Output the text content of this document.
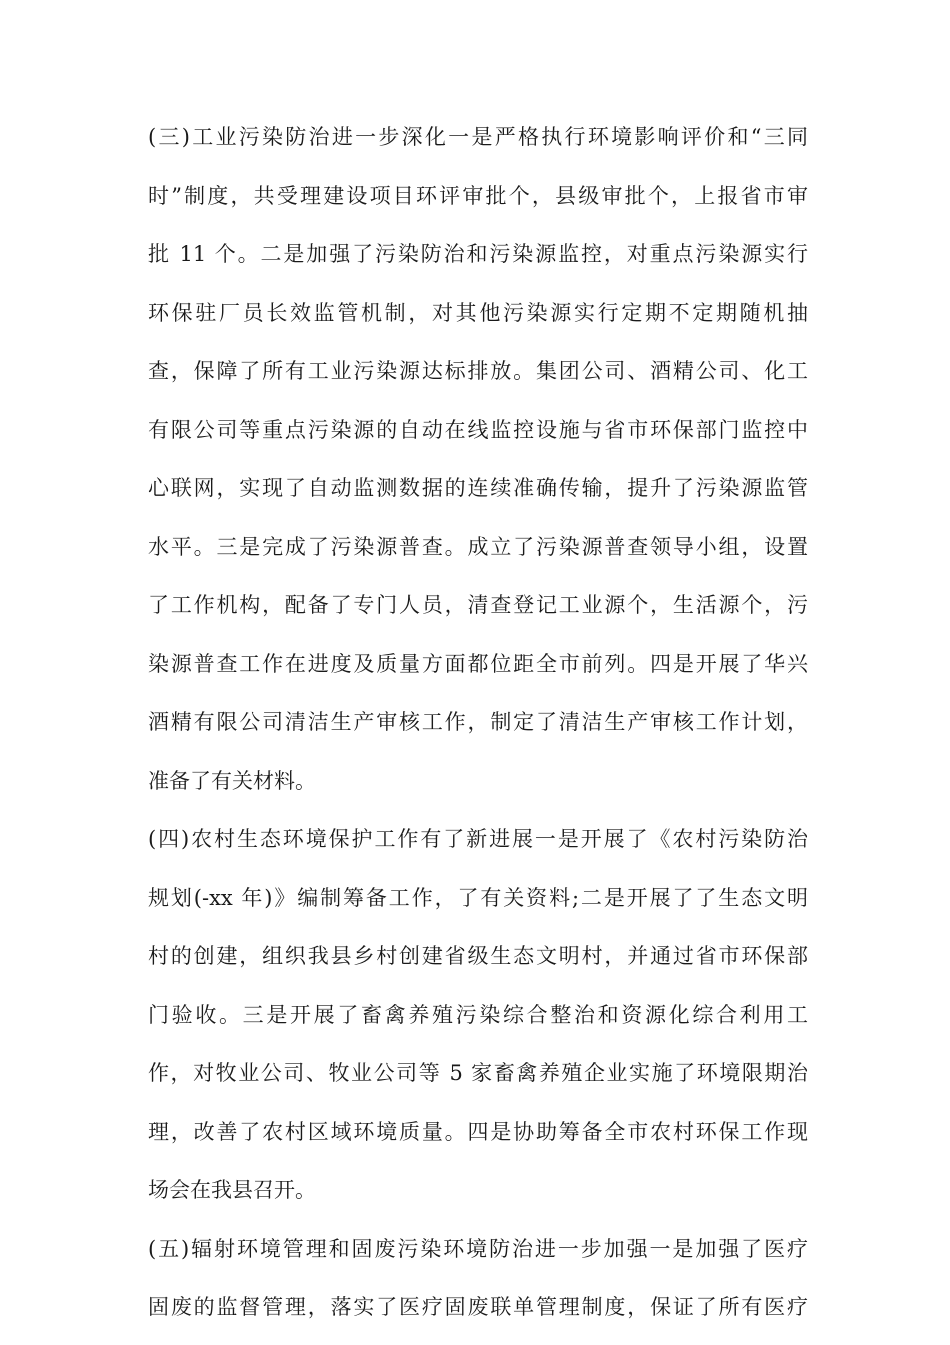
(三)工业污染防治进一步深化一是严格执行环境影响评价和“三同
时”制度，共受理建设项目环评审批个，县级审批个，上报省市审
批 11 个。二是加强了污染防治和污染源监控，对重点污染源实行
环保驻厂员长效监管机制，对其他污染源实行定期不定期随机抽
查，保障了所有工业污染源达标排放。集团公司、酒精公司、化工
有限公司等重点污染源的自动在线监控设施与省市环保部门监控中
心联网，实现了自动监测数据的连续准确传输，提升了污染源监管
水平。三是完成了污染源普查。成立了污染源普查领导小组，设置
了工作机构，配备了专门人员，清查登记工业源个，生活源个，污
染源普查工作在进度及质量方面都位距全市前列。四是开展了华兴
酒精有限公司清洁生产审核工作，制定了清洁生产审核工作计划，
准备了有关材料。
(四)农村生态环境保护工作有了新进展一是开展了《农村污染防治
规划(-xx 年)》编制筹备工作，了有关资料;二是开展了了生态文明
村的创建，组织我县乡村创建省级生态文明村，并通过省市环保部
门验收。三是开展了畜禽养殖污染综合整治和资源化综合利用工
作，对牧业公司、牧业公司等 5 家畜禽养殖企业实施了环境限期治
理，改善了农村区域环境质量。四是协助筹备全市农村环保工作现
场会在我县召开。
(五)辐射环境管理和固废污染环境防治进一步加强一是加强了医疗
固废的监督管理，落实了医疗固废联单管理制度，保证了所有医疗
